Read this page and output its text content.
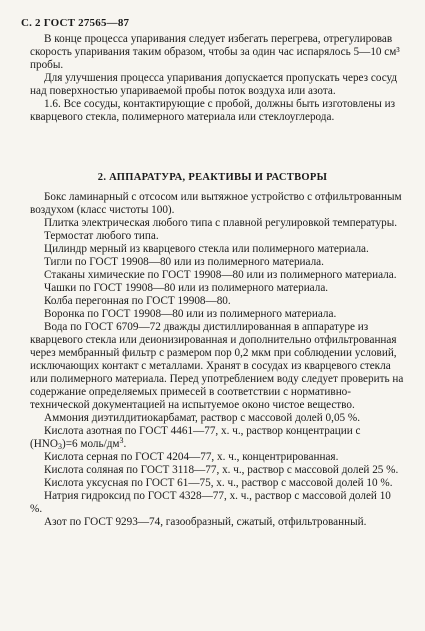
С. 2 ГОСТ 27565—87

В конце процесса упаривания следует избегать перегрева, отрегулировав скорость упаривания таким образом, чтобы за один час испарялось 5—10 см³ пробы.

Для улучшения процесса упаривания допускается пропускать через сосуд над поверхностью упариваемой пробы поток воздуха или азота.

1.6. Все сосуды, контактирующие с пробой, должны быть изготовлены из кварцевого стекла, полимерного материала или стеклоуглерода.

2. АППАРАТУРА, РЕАКТИВЫ И РАСТВОРЫ

Бокс ламинарный с отсосом или вытяжное устройство с отфильтрованным воздухом (класс чистоты 100).

Плитка электрическая любого типа с плавной регулировкой температуры.

Термостат любого типа.

Цилиндр мерный из кварцевого стекла или полимерного материала.

Тигли по ГОСТ 19908—80 или из полимерного материала.

Стаканы химические по ГОСТ 19908—80 или из полимерного материала.

Чашки по ГОСТ 19908—80 или из полимерного материала.

Колба перегонная по ГОСТ 19908—80.

Воронка по ГОСТ 19908—80 или из полимерного материала.

Вода по ГОСТ 6709—72 дважды дистиллированная в аппаратуре из кварцевого стекла или деионизированная и дополнительно отфильтрованная через мембранный фильтр с размером пор 0,2 мкм при соблюдении условий, исключающих контакт с металлами. Хранят в сосудах из кварцевого стекла или полимерного материала. Перед употреблением воду следует проверить на содержание определяемых примесей в соответствии с нормативно-технической документацией на испытуемое оконо чистое вещество.

Аммония диэтилдитиокарбамат, раствор с массовой долей 0,05 %.

Кислота азотная по ГОСТ 4461—77, х. ч., раствор концентрации с $(HNO_3)=6$ моль/$дм^3$.

Кислота серная по ГОСТ 4204—77, х. ч., концентрированная.

Кислота соляная по ГОСТ 3118—77, х. ч., раствор с массовой долей 25 %.

Кислота уксусная по ГОСТ 61—75, х. ч., раствор с массовой долей 10 %.

Натрия гидроксид по ГОСТ 4328—77, х. ч., раствор с массовой долей 10 %.

Азот по ГОСТ 9293—74, газообразный, сжатый, отфильтрованный.
